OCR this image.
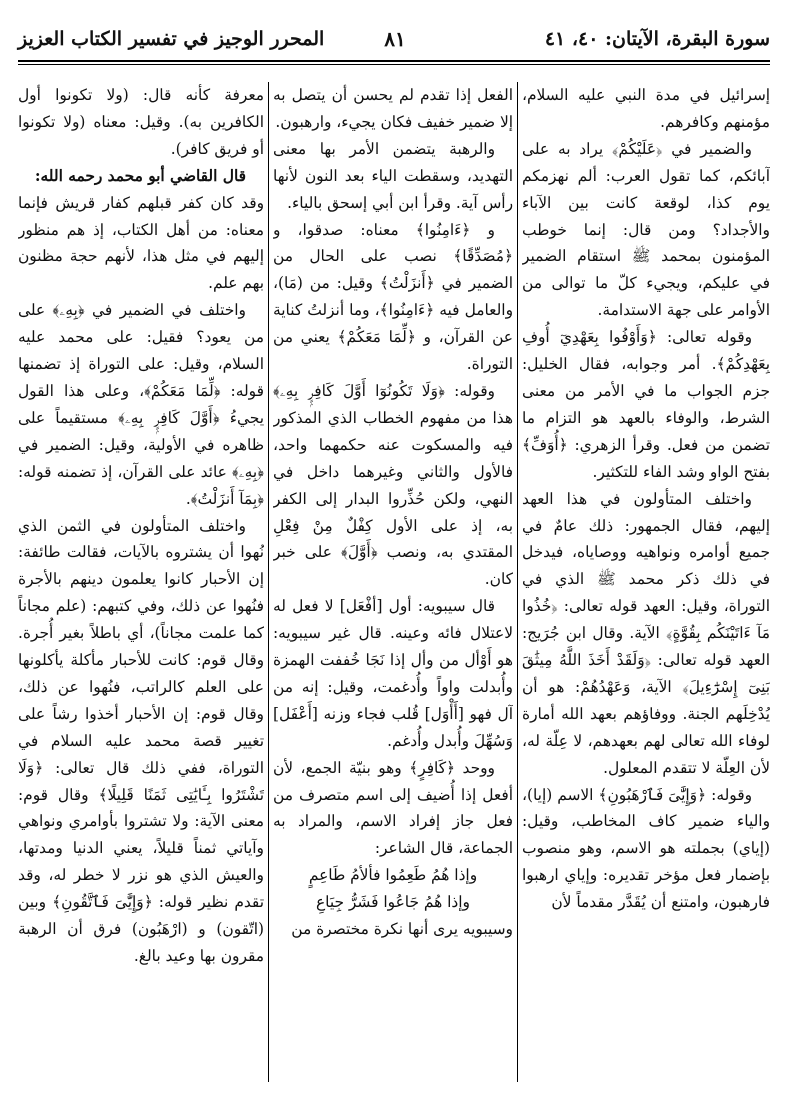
سورة البقرة، الآيتان: ٤٠، ٤١
٨١
المحرر الوجيز في تفسير الكتاب العزيز

إسرائيل في مدة النبي عليه السلام، مؤمنهم وكافرهم.

والضمير في ﴿عَلَيْكُمْ﴾ يراد به على آبائكم، كما تقول العرب: ألم نهزمكم يوم كذا، لوقعة كانت بين الآباء والأجداد؟ ومن قال: إنما خوطب المؤمنون بمحمد ﷺ استقام الضمير في عليكم، ويجيء كلّ ما توالى من الأوامر على جهة الاستدامة.

وقوله تعالى: ﴿وَأَوْفُوا بِعَهْدِيٓ أُوفِ بِعَهْدِكُمْ﴾. أمر وجوابه، فقال الخليل: جزم الجواب ما في الأمر من معنى الشرط، والوفاء بالعهد هو التزام ما تضمن من فعل. وقرأ الزهري: ﴿أُوَفِّ﴾ بفتح الواو وشد الفاء للتكثير.

واختلف المتأولون في هذا العهد إليهم، فقال الجمهور: ذلك عامٌ في جميع أوامره ونواهيه ووصاياه، فيدخل في ذلك ذكر محمد ﷺ الذي في التوراة، وقيل: العهد قوله تعالى: ﴿خُذُوا مَآ ءَاتَيْنَكُم بِقُوَّةٍ﴾ الآية. وقال ابن جُرَيج: العهد قوله تعالى: ﴿وَلَقَدْ أَخَذَ اللَّهُ مِيثَٰقَ بَنِىٓ إِسْرَٰٓءِيلَ﴾ الآية، وَعَهْدُهُمْ: هو أن يُدْخِلَهم الجنة. ووفاؤهم بعهد الله أمارة لوفاء الله تعالى لهم بعهدهم، لا عِلّة له، لأن العِلّة لا تتقدم المعلول.

وقوله: ﴿وَإِيَّٰىَ فَٱرْهَبُونِ﴾ الاسم (إيا)، والياء ضمير كاف المخاطب، وقيل: (إياي) بجملته هو الاسم، وهو منصوب بإضمار فعل مؤخر تقديره: وإياي ارهبوا فارهبون، وامتنع أن يُقَدَّر مقدماً لأن

الفعل إذا تقدم لم يحسن أن يتصل به إلا ضمير خفيف فكان يجيء، وارهبون.

والرهبة يتضمن الأمر بها معنى التهديد، وسقطت الياء بعد النون لأنها رأس آية. وقرأ ابن أبي إسحق بالياء.

و ﴿ءَامِنُوا﴾ معناه: صدقوا، و ﴿مُصَدِّقًا﴾ نصب على الحال من الضمير في ﴿أَنزَلْتُ﴾ وقيل: من (مَا)، والعامل فيه ﴿ءَامِنُوا﴾، وما أنزلتُ كناية عن القرآن، و ﴿لِّمَا مَعَكُمْ﴾ يعني من التوراة.

وقوله: ﴿وَلَا تَكُونُوٓا أَوَّلَ كَافِرٍۭ بِهِۦ﴾ هذا من مفهوم الخطاب الذي المذكور فيه والمسكوت عنه حكمهما واحد، فالأول والثاني وغيرهما داخل في النهي، ولكن حُذِّروا البدار إلى الكفر به، إذ على الأول كِفْلٌ مِنْ فِعْلِ المقتدي به، ونصب ﴿أَوَّلَ﴾ على خبر كان.

قال سيبويه: أول [أفْعَل] لا فعل له لاعتلال فائه وعينه. قال غير سيبويه: هو أَوْأل من وأل إذا نَجَا خُففت الهمزة وأُبدلت واواً وأُدغمت، وقيل: إنه من آل فهو [أَأْوَل] قُلب فجاء وزنه [أَعْفَل] وَسُهِّلَ وأُبدل وأُدغم.

ووحد ﴿كَافِرٍ﴾ وهو بنيّة الجمع، لأن أفعل إذا أُضيف إلى اسم متصرف من فعل جاز إفراد الاسم، والمراد به الجماعة، قال الشاعر:

وإذا هُمُ طَعِمُوا فألأمُ طَاعِمٍ

وإذا هُمُ جَاعُوا فَشَرُّ جِيَاعِ

وسيبويه يرى أنها نكرة مختصرة من

معرفة كأنه قال: (ولا تكونوا أول الكافرين به). وقيل: معناه (ولا تكونوا أو فريق كافر).

قال القاضي أبو محمد رحمه الله:

وقد كان كفر قبلهم كفار قريش فإنما معناه: من أهل الكتاب، إذ هم منظور إليهم في مثل هذا، لأنهم حجة مظنون بهم علم.

واختلف في الضمير في ﴿بِهِۦ﴾ على من يعود؟ فقيل: على محمد عليه السلام، وقيل: على التوراة إذ تضمنها قوله: ﴿لِّمَا مَعَكُمْ﴾، وعلى هذا القول يجيءُ ﴿أَوَّلَ كَافِرٍۭ بِهِۦ﴾ مستقيماً على ظاهره في الأولية، وقيل: الضمير في ﴿بِهِۦ﴾ عائد على القرآن، إذ تضمنه قوله: ﴿بِمَآ أَنزَلْتُ﴾.

واختلف المتأولون في الثمن الذي نُهوا أن يشتروه بالآيات، فقالت طائفة: إن الأحبار كانوا يعلمون دينهم بالأجرة فنُهوا عن ذلك، وفي كتبهم: (علم مجاناً كما علمت مجاناً)، أي باطلاً بغير أُجرة. وقال قوم: كانت للأحبار مأكلة يأكلونها على العلم كالراتب، فنُهوا عن ذلك، وقال قوم: إن الأحبار أخذوا رشاً على تغيير قصة محمد عليه السلام في التوراة، ففي ذلك قال تعالى: ﴿وَلَا تَشْتَرُوا بِـَٔايَٰتِى ثَمَنًا قَلِيلًا﴾ وقال قوم: معنى الآية: ولا تشتروا بأوامري ونواهي وآياتي ثمناً قليلاً، يعني الدنيا ومدتها، والعيش الذي هو نزر لا خطر له، وقد تقدم نظير قوله: ﴿وَإِيَّٰىَ فَٱتَّقُونِ﴾ وبين (اتّقون) و (ارْهَبُون) فرق أن الرهبة مقرون بها وعيد بالغ.
